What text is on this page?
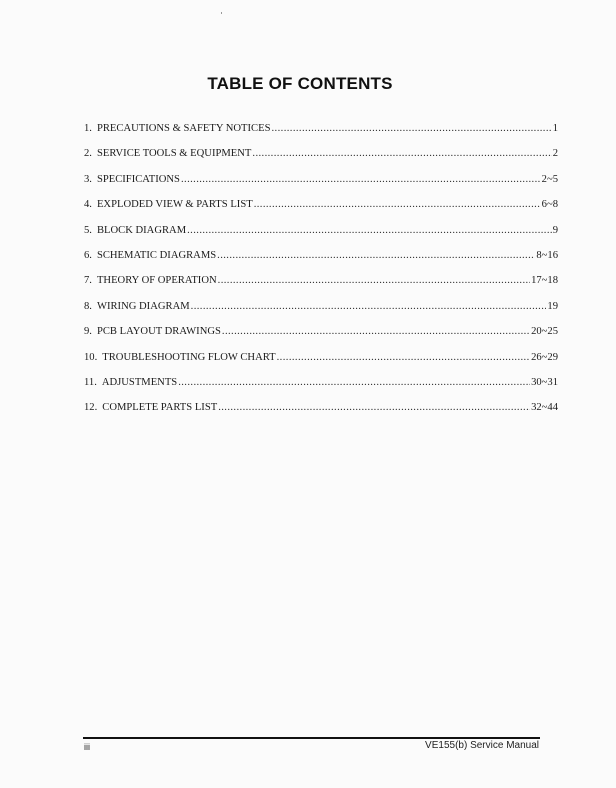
TABLE OF CONTENTS
1. PRECAUTIONS & SAFETY NOTICES .....	1
2. SERVICE TOOLS & EQUIPMENT .....	2
3. SPECIFICATIONS .....	2~5
4. EXPLODED VIEW & PARTS LIST .....	6~8
5. BLOCK DIAGRAM .....	9
6. SCHEMATIC DIAGRAMS .....	8~16
7. THEORY OF OPERATION .....	17~18
8. WIRING DIAGRAM .....	19
9. PCB LAYOUT DRAWINGS .....	20~25
10. TROUBLESHOOTING FLOW CHART .....	26~29
11. ADJUSTMENTS .....	30~31
12. COMPLETE PARTS LIST .....	32~44
iii	VE155(b) Service Manual
